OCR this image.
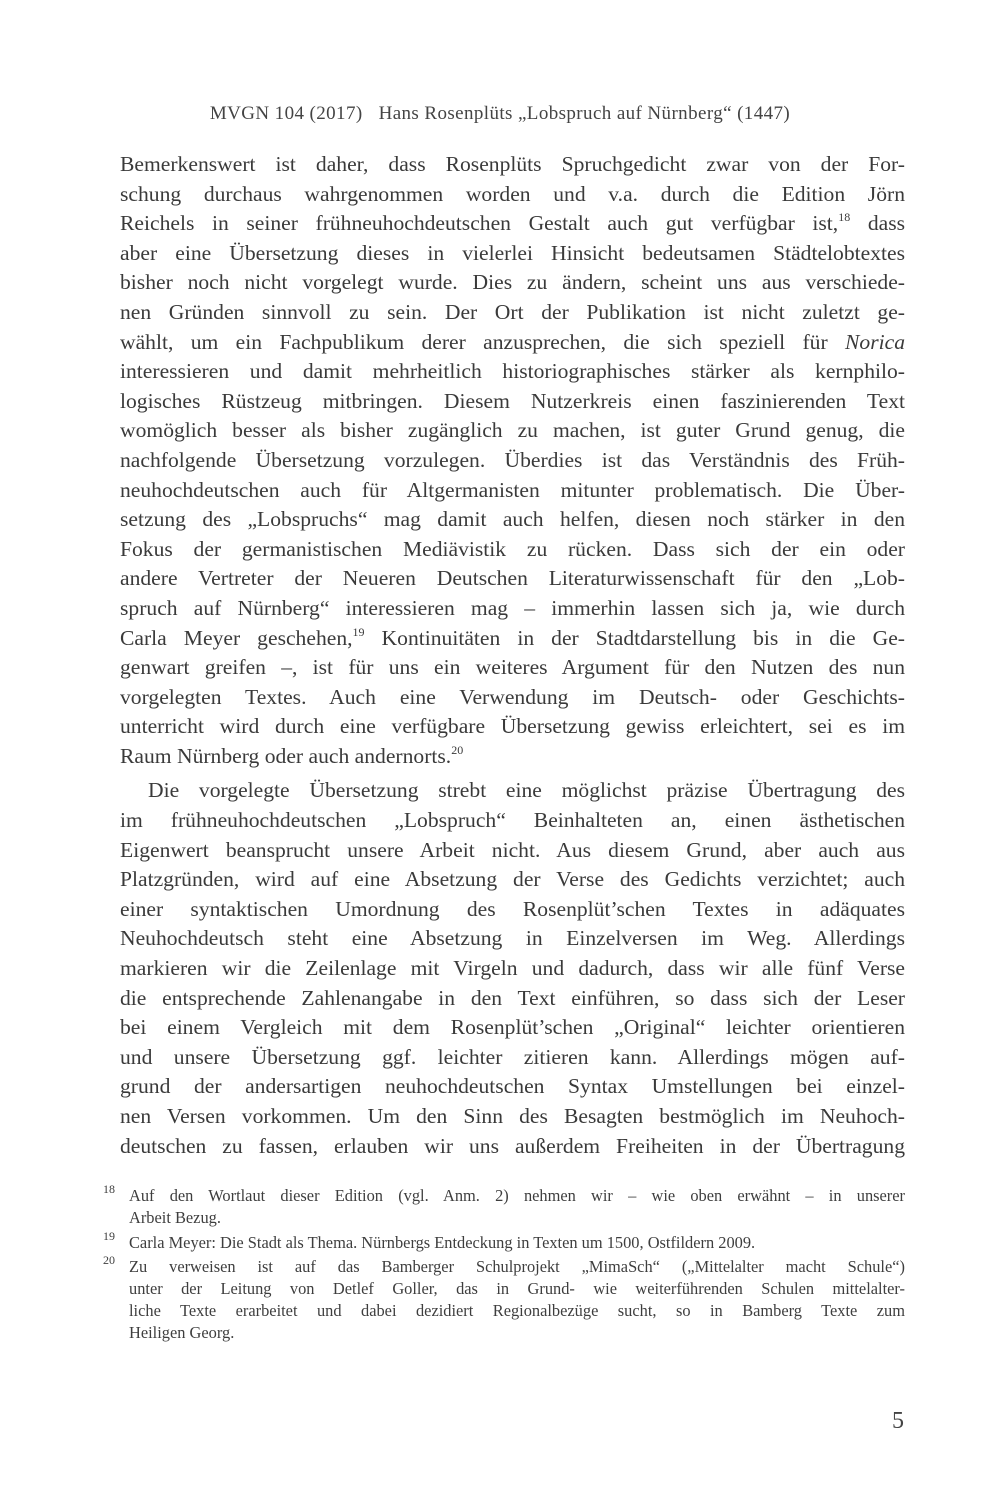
MVGN 104 (2017) Hans Rosenplüts „Lobspruch auf Nürnberg“ (1447)

Bemerkenswert ist daher, dass Rosenplüts Spruchgedicht zwar von der For-
schung durchaus wahrgenommen worden und v.a. durch die Edition Jörn
Reichels in seiner frühneuhochdeutschen Gestalt auch gut verfügbar ist,$^{18}$ dass
aber eine Übersetzung dieses in vielerlei Hinsicht bedeutsamen Städtelobtextes
bisher noch nicht vorgelegt wurde. Dies zu ändern, scheint uns aus verschiede-
nen Gründen sinnvoll zu sein. Der Ort der Publikation ist nicht zuletzt ge-
wählt, um ein Fachpublikum derer anzusprechen, die sich speziell für Norica
interessieren und damit mehrheitlich historiographisches stärker als kernphilo-
logisches Rüstzeug mitbringen. Diesem Nutzerkreis einen faszinierenden Text
womöglich besser als bisher zugänglich zu machen, ist guter Grund genug, die
nachfolgende Übersetzung vorzulegen. Überdies ist das Verständnis des Früh-
neuhochdeutschen auch für Altgermanisten mitunter problematisch. Die Über-
setzung des „Lobspruchs“ mag damit auch helfen, diesen noch stärker in den
Fokus der germanistischen Mediävistik zu rücken. Dass sich der ein oder
andere Vertreter der Neueren Deutschen Literaturwissenschaft für den „Lob-
spruch auf Nürnberg“ interessieren mag – immerhin lassen sich ja, wie durch
Carla Meyer geschehen,$^{19}$ Kontinuitäten in der Stadtdarstellung bis in die Ge-
genwart greifen –, ist für uns ein weiteres Argument für den Nutzen des nun
vorgelegten Textes. Auch eine Verwendung im Deutsch- oder Geschichts-
unterricht wird durch eine verfügbare Übersetzung gewiss erleichtert, sei es im
Raum Nürnberg oder auch andernorts.$^{20}$

Die vorgelegte Übersetzung strebt eine möglichst präzise Übertragung des
im frühneuhochdeutschen „Lobspruch“ Beinhalteten an, einen ästhetischen
Eigenwert beansprucht unsere Arbeit nicht. Aus diesem Grund, aber auch aus
Platzgründen, wird auf eine Absetzung der Verse des Gedichts verzichtet; auch
einer syntaktischen Umordnung des Rosenplüt’schen Textes in adäquates
Neuhochdeutsch steht eine Absetzung in Einzelversen im Weg. Allerdings
markieren wir die Zeilenlage mit Virgeln und dadurch, dass wir alle fünf Verse
die entsprechende Zahlenangabe in den Text einführen, so dass sich der Leser
bei einem Vergleich mit dem Rosenplüt’schen „Original“ leichter orientieren
und unsere Übersetzung ggf. leichter zitieren kann. Allerdings mögen auf-
grund der andersartigen neuhochdeutschen Syntax Umstellungen bei einzel-
nen Versen vorkommen. Um den Sinn des Besagten bestmöglich im Neuhoch-
deutschen zu fassen, erlauben wir uns außerdem Freiheiten in der Übertragung

18 Auf den Wortlaut dieser Edition (vgl. Anm. 2) nehmen wir – wie oben erwähnt – in unserer
Arbeit Bezug.
19 Carla Meyer: Die Stadt als Thema. Nürnbergs Entdeckung in Texten um 1500, Ostfildern 2009.
20 Zu verweisen ist auf das Bamberger Schulprojekt „MimaSch“ („Mittelalter macht Schule“)
unter der Leitung von Detlef Goller, das in Grund- wie weiterführenden Schulen mittelalter-
liche Texte erarbeitet und dabei dezidiert Regionalbezüge sucht, so in Bamberg Texte zum
Heiligen Georg.
5
